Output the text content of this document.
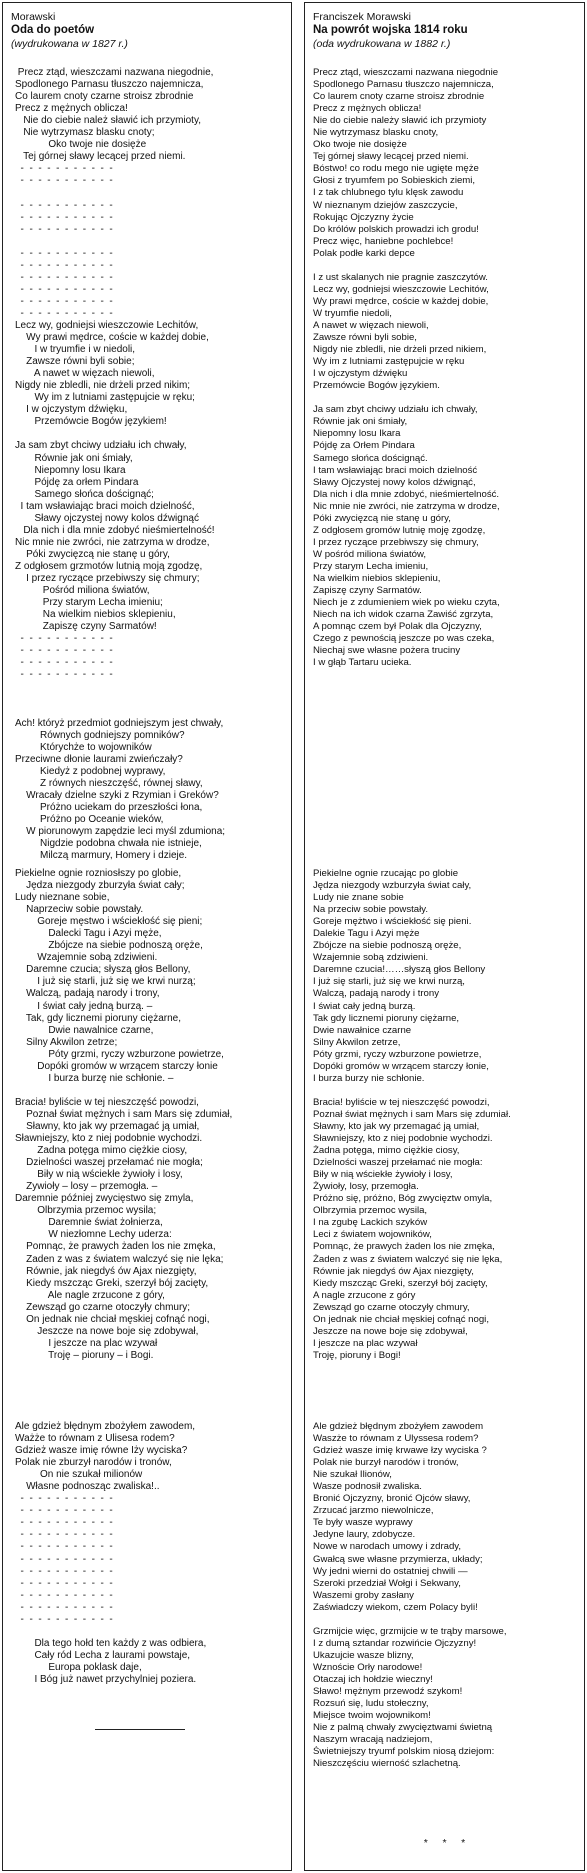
Morawski
Oda do poetów
(wydrukowana w 1827 r.)
Precz ztąd, wieszczami nazwana niegodnie,
Spodlonego Parnasu tłuszczo najemnicza,
Co laurem cnoty czarne stroisz zbrodnie
Precz z mężnych oblicza!
Nie do ciebie należ sławić ich przymioty,
Nie wytrzymasz blasku cnoty;
Oko twoje nie dosięże
Tej górnej sławy lecącej przed niemi.
-  -  -  -  -  -  -  -  -  -  -
-  -  -  -  -  -  -  -  -  -  -
-  -  -  -  -  -  -  -  -  -  -
-  -  -  -  -  -  -  -  -  -  -
-  -  -  -  -  -  -  -  -  -  -
-  -  -  -  -  -  -  -  -  -  -
-  -  -  -  -  -  -  -  -  -  -
-  -  -  -  -  -  -  -  -  -  -
-  -  -  -  -  -  -  -  -  -  -
-  -  -  -  -  -  -  -  -  -  -
-  -  -  -  -  -  -  -  -  -  -
Lecz wy, godniejsi wieszczowie Lechitów,
Wy prawi mędrce, coście w każdej dobie,
I w tryumfie i w niedoli,
Zawsze równi byli sobie;
A nawet w więzach niewoli,
Nigdy nie zbledli, nie drżeli przed nikim;
Wy im z lutniami zastępujcie w ręku;
I w ojczystym dźwięku,
Przemówcie Bogów językiem!
Ja sam zbyt chciwy udziału ich chwały,
Równie jak oni śmiały,
Niepomny losu Ikara
Pójdę za orłem Pindara
Samego słońca doścignąć;
I tam wsławiając braci moich dzielność,
Sławy ojczystej nowy kolos dźwignąć
Dla nich i dla mnie zdobyć nieśmiertelność!
Nic mnie nie zwróci, nie zatrzyma w drodze,
Póki zwycięzcą nie stanę u góry,
Z odgłosem grzmotów lutnią moją zgodzę,
I przez ryczące przebiwszy się chmury;
Pośród miliona światów,
Przy starym Lecha imieniu;
Na wielkim niebios sklepieniu,
Zapiszę czyny Sarmatów!
-  -  -  -  -  -  -  -  -  -  -
-  -  -  -  -  -  -  -  -  -  -
-  -  -  -  -  -  -  -  -  -  -
-  -  -  -  -  -  -  -  -  -  -
Ach! któryż przedmiot godniejszym jest chwały,
Równych godniejszy pomników?
Którychże to wojowników
Przeciwne dłonie laurami zwieńczały?
Kiedyż z podobnej wyprawy,
Z równych nieszczęść, równej sławy,
Wracały dzielne szyki z Rzymian i Greków?
Próżno uciekam do przeszłości łona,
Próżno po Oceanie wieków,
W piorunowym zapędzie leci myśl zdumiona;
Nigdzie podobna chwała nie istnieje,
Milczą marmury, Homery i dzieje.
Piekielne ognie rozniosłszy po globie,
Jędza niezgody zburzyła świat cały;
Ludy nieznane sobie,
Naprzeciw sobie powstały.
Goreje męstwo i wściekłość się pieni;
Dalecki Tagu i Azyi męże,
Zbójcze na siebie podnoszą oręże,
Wzajemnie sobą zdziwieni.
Daremne czucia; słyszą głos Bellony,
I już się starli, już się we krwi nurzą;
Walczą, padają narody i trony,
I świat cały jedną burzą. –
Tak, gdy licznemi pioruny ciężarne,
Dwie nawalnice czarne,
Silny Akwilon zetrze;
Póty grzmi, ryczy wzburzone powietrze,
Dopóki gromów w wrzącem starczy łonie
I burza burzę nie schłonie. –
Bracia! byliście w tej nieszczęść powodzi,
Poznał świat mężnych i sam Mars się zdumiał,
Sławny, kto jak wy przemagać ją umiał,
Sławniejszy, kto z niej podobnie wychodzi.
Żadna potęga mimo ciężkie ciosy,
Dzielności waszej przełamać nie mogła;
Biły w nią wściekłe żywioły i losy,
Żywioły – losy – przemogła. –
Daremnie później zwycięstwo się zmyla,
Olbrzymia przemoc wysila;
Daremnie świat żołnierza,
W niezłomne Lechy uderza:
Pomnąc, że prawych żaden los nie zmęka,
Żaden z was z światem walczyć się nie lęka;
Równie, jak niegdyś ów Ajax niezgięty,
Kiedy mszcząc Greki, szerzył bój zacięty,
Ale nagle zrzucone z góry,
Zewsząd go czarne otoczyły chmury;
On jednak nie chciał męskiej cofnąć nogi,
Jeszcze na nowe boje się zdobywał,
I jeszcze na plac wzywał
Troję – pioruny – i Bogi.
Ale gdzież błędnym zbożyłem zawodem,
Ważże to równam z Ulisesa rodem?
Gdzież wasze imię równe Iży wyciska?
Polak nie zburzył narodów i tronów,
On nie szukał milionów
Własne podnosząc zwaliska!..
-  -  -  -  -  -  -  -  -  -  -
-  -  -  -  -  -  -  -  -  -  -
-  -  -  -  -  -  -  -  -  -  -
-  -  -  -  -  -  -  -  -  -  -
-  -  -  -  -  -  -  -  -  -  -
-  -  -  -  -  -  -  -  -  -  -
-  -  -  -  -  -  -  -  -  -  -
-  -  -  -  -  -  -  -  -  -  -
-  -  -  -  -  -  -  -  -  -  -
-  -  -  -  -  -  -  -  -  -  -
-  -  -  -  -  -  -  -  -  -  -
Dla tego hołd ten każdy z was odbiera,
Cały ród Lecha z laurami powstaje,
Europa poklask daje,
I Bóg już nawet przychylniej poziera.
Franciszek Morawski
Na powrót wojska 1814 roku
(oda wydrukowana w 1882 r.)
Precz ztąd, wieszczami nazwana niegodnie
Spodlonego Parnasu tłuszczo najemnicza,
Co laurem cnoty czarne stroisz zbrodnie
Precz z mężnych oblicza!
Nie do ciebie należy sławić ich przymioty
Nie wytrzymasz blasku cnoty,
Oko twoje nie dosięże
Tej górnej sławy lecącej przed niemi.
Bóstwo! co rodu mego nie ugięte męże
Głosi z tryumfem po Sobieskich ziemi,
I z tak chlubnego tylu klęsk zawodu
W nieznanym dziejów zaszczycie,
Rokując Ojczyzny życie
Do królów polskich prowadzi ich grodu!
Precz więc, haniebne pochlebce!
Polak podłe karki depce
I z ust skalanych nie pragnie zaszczytów.
Lecz wy, godniejsi wieszczowie Lechitów,
Wy prawi mędrce, coście w każdej dobie,
W tryumfie niedoli,
A nawet w więzach niewoli,
Zawsze równi byli sobie,
Nigdy nie zbledli, nie drżeli przed nikiem,
Wy im z lutniami zastępujcie w ręku
I w ojczystym dźwięku
Przemówcie Bogów językiem.
Ja sam zbyt chciwy udziału ich chwały,
Równie jak oni śmiały,
Niepomny losu Ikara
Pójdę za Orłem Pindara
Samego słońca doścignąć.
I tam wsławiając braci moich dzielność
Sławy Ojczystej nowy kolos dźwignąć,
Dla nich i dla mnie zdobyć, nieśmiertelność.
Nic mnie nie zwróci, nie zatrzyma w drodze,
Póki zwycięzcą nie stanę u góry,
Z odgłosem gromów lutnię moję zgodzę,
I przez ryczące przebiwszy się chmury,
W pośród miliona światów,
Przy starym Lecha imieniu,
Na wielkim niebios sklepieniu,
Zapiszę czyny Sarmatów.
Niech je z zdumieniem wiek po wieku czyta,
Niech na ich widok czarna Zawiść zgrzyta,
A pomnąc czem był Polak dla Ojczyzny,
Czego z pewnością jeszcze po was czeka,
Niechaj swe własne pożera truciny
I w głąb Tartaru ucieka.
Piekielne ognie rzucając po globie
Jędza niezgody wzburzyła świat cały,
Ludy nie znane sobie
Na przeciw sobie powstały.
Goreje mężtwo i wściekłość się pieni.
Dalekie Tagu i Azyi męże
Zbójcze na siebie podnoszą oręże,
Wzajemnie sobą zdziwieni.
Daremne czucia!……słyszą głos Bellony
I już się starli, już się we krwi nurzą,
Walczą, padają narody i trony
I świat cały jedną burzą.
Tak gdy licznemi pioruny ciężarne,
Dwie nawałnice czarne
Silny Akwilon zetrze,
Póty grzmi, ryczy wzburzone powietrze,
Dopóki gromów w wrzącem starczy łonie,
I burza burzy nie schłonie.
Bracia! byliście w tej nieszczęść powodzi,
Poznał świat mężnych i sam Mars się zdumiał.
Sławny, kto jak wy przemagać ją umiał,
Sławniejszy, kto z niej podobnie wychodzi.
Żadna potęga, mimo ciężkie ciosy,
Dzielności waszej przełamać nie mogła:
Biły w nią wściekłe żywioły i losy,
Żywioły, losy, przemogła.
Próżno się, próżno, Bóg zwycięztw omyla,
Olbrzymia przemoc wysila,
I na zgubę Lackich szyków
Leci z światem wojowników,
Pomnąc, że prawych żaden los nie zmęka,
Żaden z was z światem walczyć się nie lęka,
Równie jak niegdyś ów Ajax niezgięty,
Kiedy mszcząc Greki, szerzył bój zacięty,
A nagle zrzucone z góry
Zewsząd go czarne otoczyły chmury,
On jednak nie chciał męskiej cofnąć nogi,
Jeszcze na nowe boje się zdobywał,
I jeszcze na plac wzywał
Troję, pioruny i Bogi!
Ale gdzież błędnym zbożyłem zawodem
Waszże to równam z Ulyssesa rodem?
Gdzież wasze imię krwawe łzy wyciska ?
Polak nie burzył narodów i tronów,
Nie szukał Ilionów,
Wasze podnosił zwaliska.
Bronić Ojczyzny, bronić Ojców sławy,
Zrzucać jarzmo niewolnicze,
Te były wasze wyprawy
Jedyne laury, zdobycze.
Nowe w narodach umowy i zdrady,
Gwałcą swe własne przymierza, układy;
Wy jedni wierni do ostatniej chwili —
Szeroki przedział Wołgi i Sekwany,
Waszemi groby zasłany
Zaświadczy wiekom, czem Polacy byli!
Grzmijcie więc, grzmijcie w te trąby marsowe,
I z dumą sztandar rozwińcie Ojczyzny!
Ukazujcie wasze blizny,
Wznoście Orły narodowe!
Otaczaj ich hołdzie wieczny!
Sławo! mężnym przewodź szykom!
Rozsuń się, ludu stołeczny,
Miejsce twoim wojownikom!
Nie z palmą chwały zwycięztwami świetną
Naszym wracają nadziejom,
Świetniejszy tryumf polskim niosą dziejom:
Nieszczęściu wierność szlachetną.
*     *     *
